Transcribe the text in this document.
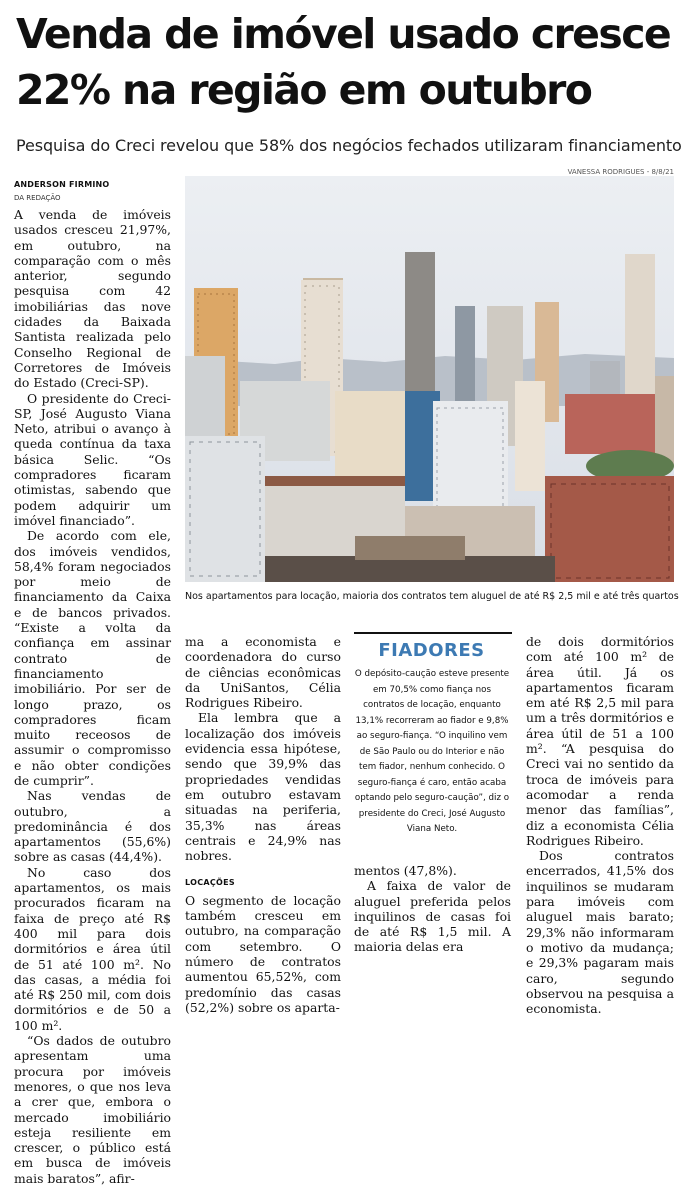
Venda de imóvel usado cresce
22% na região em outubro
Pesquisa do Creci revelou que 58% dos negócios fechados utilizaram financiamento
VANESSA RODRIGUES - 8/8/21
ANDERSON FIRMINO
DA REDAÇÃO
Nos apartamentos para locação, maioria dos contratos tem aluguel de até R$ 2,5 mil e até três quartos

A venda de imóveis usados cresceu 21,97%, em outubro, na comparação com o mês anterior, segundo pesquisa com 42 imobiliárias das nove cidades da Baixada Santista realizada pelo Conselho Regional de Corretores de Imóveis do Estado (Creci-SP).

O presidente do Creci-SP, José Augusto Viana Neto, atribui o avanço à queda contínua da taxa básica Selic. “Os compradores ficaram otimistas, sabendo que podem adquirir um imóvel financiado”.

De acordo com ele, dos imóveis vendidos, 58,4% foram negociados por meio de financiamento da Caixa e de bancos privados. “Existe a volta da confiança em assinar contrato de financiamento imobiliário. Por ser de longo prazo, os compradores ficam muito receosos de assumir o compromisso e não obter condições de cumprir”.

Nas vendas de outubro, a predominância é dos apartamentos (55,6%) sobre as casas (44,4%).

No caso dos apartamentos, os mais procurados ficaram na faixa de preço até R$ 400 mil para dois dormitórios e área útil de 51 até 100 m². No das casas, a média foi até R$ 250 mil, com dois dormitórios e de 50 a 100 m².

“Os dados de outubro apresentam uma procura por imóveis menores, o que nos leva a crer que, embora o mercado imobiliário esteja resiliente em crescer, o público está em busca de imóveis mais baratos”, afir-

ma a economista e coordenadora do curso de ciências econômicas da UniSantos, Célia Rodrigues Ribeiro.

Ela lembra que a localização dos imóveis evidencia essa hipótese, sendo que 39,9% das propriedades vendidas em outubro estavam situadas na periferia, 35,3% nas áreas centrais e 24,9% nas nobres.

LOCAÇÕES

O segmento de locação também cresceu em outubro, na comparação com setembro. O número de contratos aumentou 65,52%, com predomínio das casas (52,2%) sobre os aparta-

FIADORES
O depósito-caução esteve presente em 70,5% como fiança nos contratos de locação, enquanto 13,1% recorreram ao fiador e 9,8% ao seguro-fiança. “O inquilino vem de São Paulo ou do Interior e não tem fiador, nenhum conhecido. O seguro-fiança é caro, então acaba optando pelo seguro-caução”, diz o presidente do Creci, José Augusto Viana Neto.

mentos (47,8%).

A faixa de valor de aluguel preferida pelos inquilinos de casas foi de até R$ 1,5 mil. A maioria delas era

de dois dormitórios com até 100 m² de área útil. Já os apartamentos ficaram em até R$ 2,5 mil para um a três dormitórios e área útil de 51 a 100 m². “A pesquisa do Creci vai no sentido da troca de imóveis para acomodar a renda menor das famílias”, diz a economista Célia Rodrigues Ribeiro.

Dos contratos encerrados, 41,5% dos inquilinos se mudaram para imóveis com aluguel mais barato; 29,3% não informaram o motivo da mudança; e 29,3% pagaram mais caro, segundo observou na pesquisa a economista.
